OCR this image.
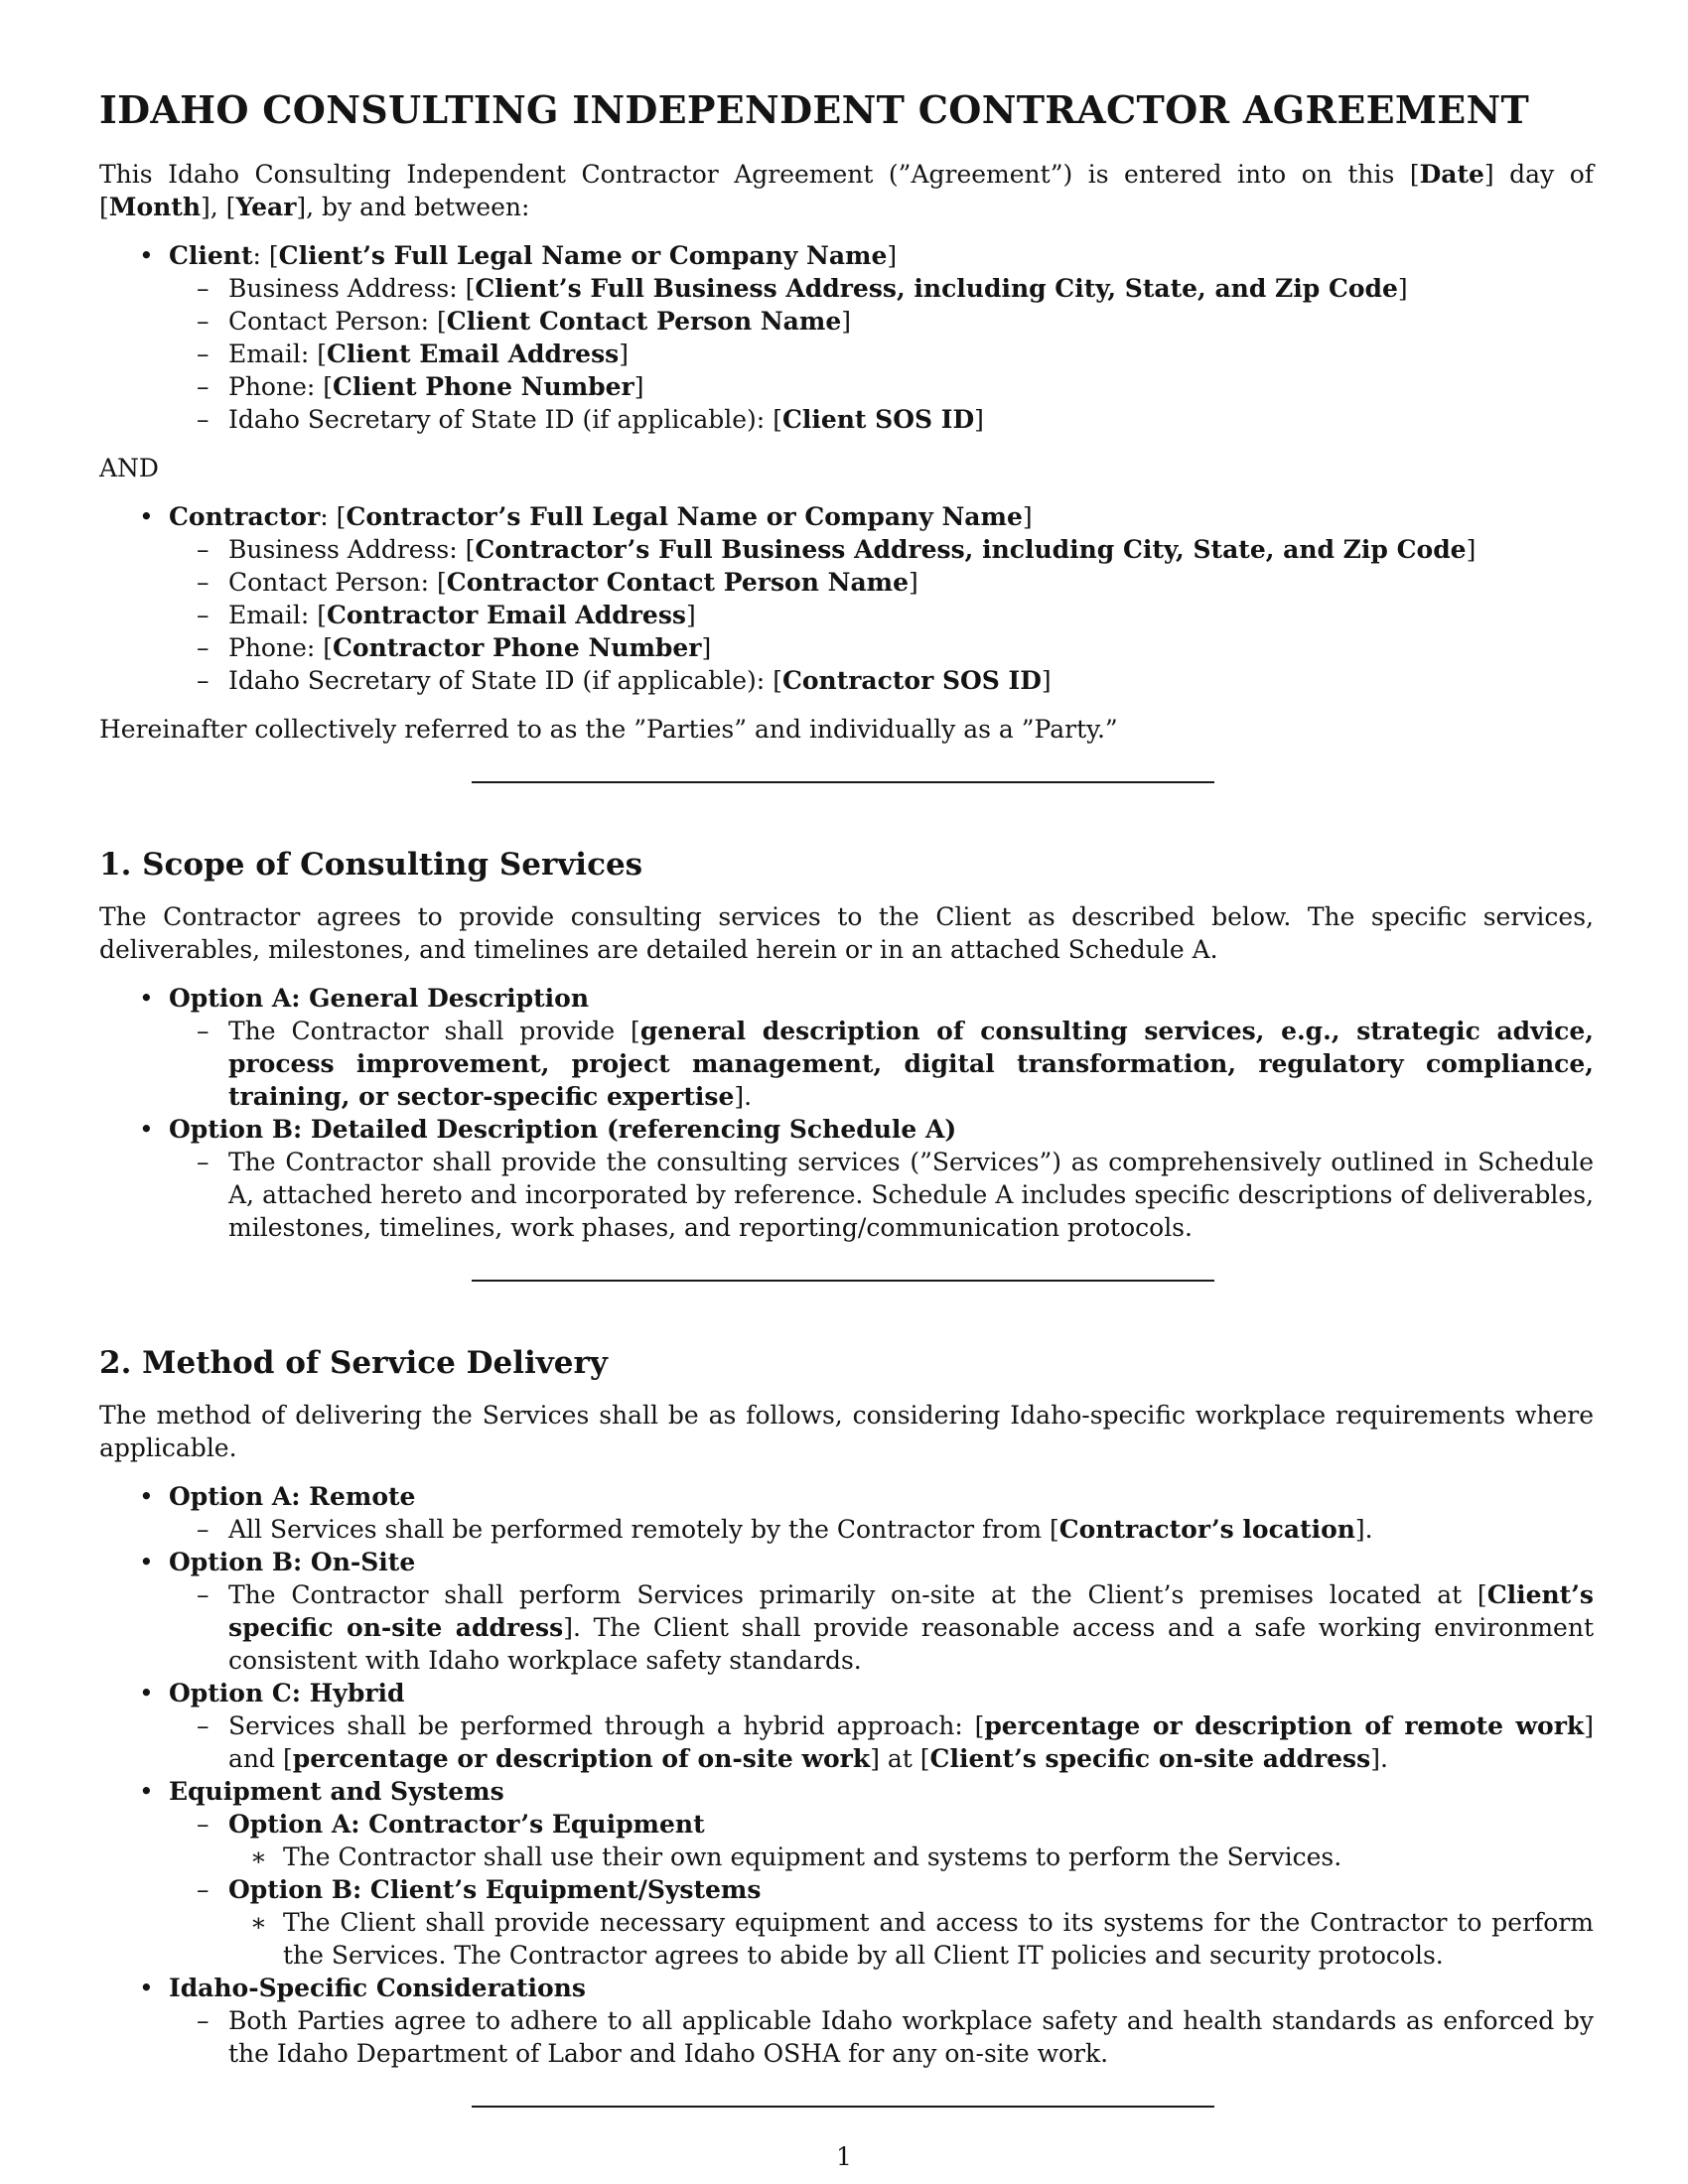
IDAHO CONSULTING INDEPENDENT CONTRACTOR AGREEMENT
This Idaho Consulting Independent Contractor Agreement (”Agreement”) is entered into on this [Date] day of [Month], [Year], by and between:
• Client: [Client’s Full Legal Name or Company Name]
– Business Address: [Client’s Full Business Address, including City, State, and Zip Code]
– Contact Person: [Client Contact Person Name]
– Email: [Client Email Address]
– Phone: [Client Phone Number]
– Idaho Secretary of State ID (if applicable): [Client SOS ID]
AND
• Contractor: [Contractor’s Full Legal Name or Company Name]
– Business Address: [Contractor’s Full Business Address, including City, State, and Zip Code]
– Contact Person: [Contractor Contact Person Name]
– Email: [Contractor Email Address]
– Phone: [Contractor Phone Number]
– Idaho Secretary of State ID (if applicable): [Contractor SOS ID]
Hereinafter collectively referred to as the ”Parties” and individually as a ”Party.”
1. Scope of Consulting Services
The Contractor agrees to provide consulting services to the Client as described below. The specific services, deliverables, milestones, and timelines are detailed herein or in an attached Schedule A.
• Option A: General Description
– The Contractor shall provide [general description of consulting services, e.g., strategic advice, process improvement, project management, digital transformation, regulatory compliance, training, or sector-specific expertise].
• Option B: Detailed Description (referencing Schedule A)
– The Contractor shall provide the consulting services (”Services”) as comprehensively outlined in Schedule A, attached hereto and incorporated by reference. Schedule A includes specific descriptions of deliverables, milestones, timelines, work phases, and reporting/communication protocols.
2. Method of Service Delivery
The method of delivering the Services shall be as follows, considering Idaho-specific workplace requirements where applicable.
• Option A: Remote
– All Services shall be performed remotely by the Contractor from [Contractor’s location].
• Option B: On-Site
– The Contractor shall perform Services primarily on-site at the Client’s premises located at [Client’s specific on-site address]. The Client shall provide reasonable access and a safe working environment consistent with Idaho workplace safety standards.
• Option C: Hybrid
– Services shall be performed through a hybrid approach: [percentage or description of remote work] and [percentage or description of on-site work] at [Client’s specific on-site address].
• Equipment and Systems
– Option A: Contractor’s Equipment
∗ The Contractor shall use their own equipment and systems to perform the Services.
– Option B: Client’s Equipment/Systems
∗ The Client shall provide necessary equipment and access to its systems for the Contractor to perform the Services. The Contractor agrees to abide by all Client IT policies and security protocols.
• Idaho-Specific Considerations
– Both Parties agree to adhere to all applicable Idaho workplace safety and health standards as enforced by the Idaho Department of Labor and Idaho OSHA for any on-site work.
1
